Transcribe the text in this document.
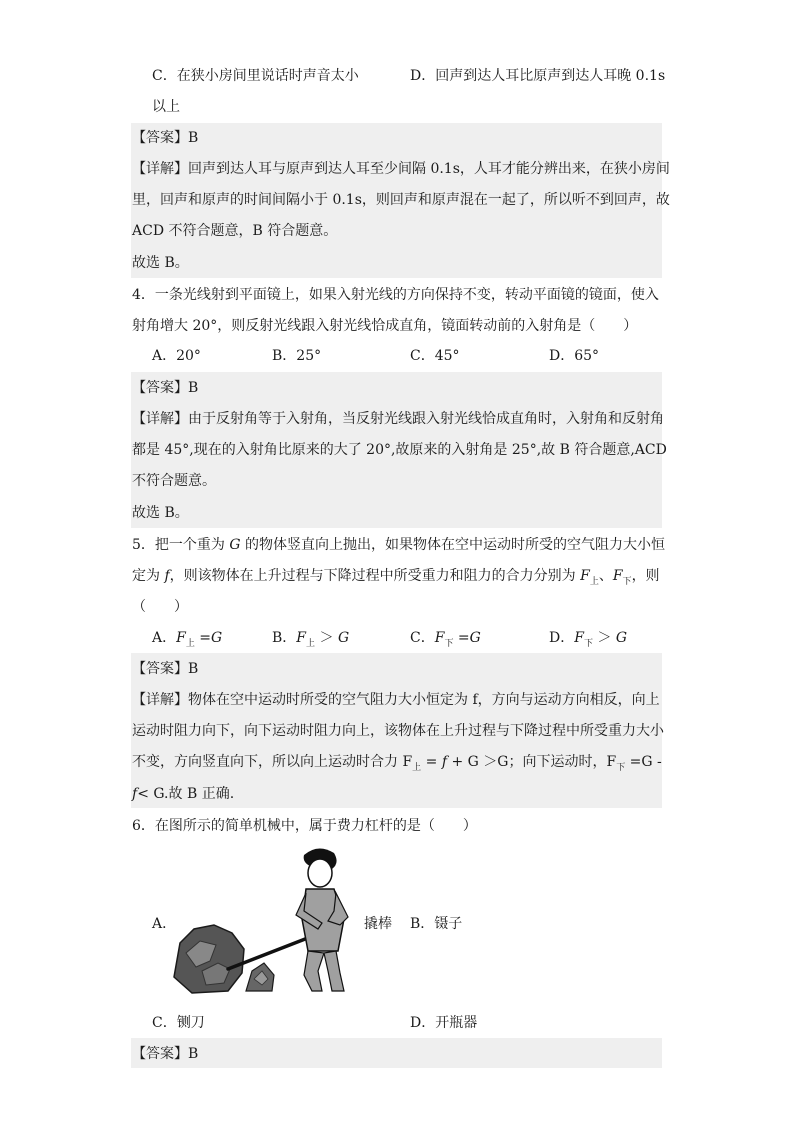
C．在狭小房间里说话时声音太小	D．回声到达人耳比原声到达人耳晚 0.1s
以上
【答案】B
【详解】回声到达人耳与原声到达人耳至少间隔 0.1s，人耳才能分辨出来，在狭小房间
里，回声和原声的时间间隔小于 0.1s，则回声和原声混在一起了，所以听不到回声，故
ACD 不符合题意，B 符合题意。
故选 B。
4．一条光线射到平面镜上，如果入射光线的方向保持不变，转动平面镜的镜面，使入
射角增大 20°，则反射光线跟入射光线恰成直角，镜面转动前的入射角是（　　）
A．20°	B．25°	C．45°	D．65°
【答案】B
【详解】由于反射角等于入射角，当反射光线跟入射光线恰成直角时，入射角和反射角
都是 45°,现在的入射角比原来的大了 20°,故原来的入射角是 25°,故 B 符合题意,ACD
不符合题意。
故选 B。
5．把一个重为 G 的物体竖直向上抛出，如果物体在空中运动时所受的空气阻力大小恒
定为 f，则该物体在上升过程与下降过程中所受重力和阻力的合力分别为 $F_上$、$F_下$，则
（　　）
A．$F_上 =G$	B．$F_上 > G$	C．$F_下 =G$	D．$F_下 > G$
【答案】B
【详解】物体在空中运动时所受的空气阻力大小恒定为 f，方向与运动方向相反，向上
运动时阻力向下，向下运动时阻力向上，该物体在上升过程与下降过程中所受重力大小
不变，方向竖直向下，所以向上运动时合力 $F_上 = f + G >G$；向下运动时，$F_下 =G$ -
f< G.故 B 正确.
6．在图所示的简单机械中，属于费力杠杆的是（　　）
A．	撬棒 B．镊子
C．铡刀	D．开瓶器
【答案】B
